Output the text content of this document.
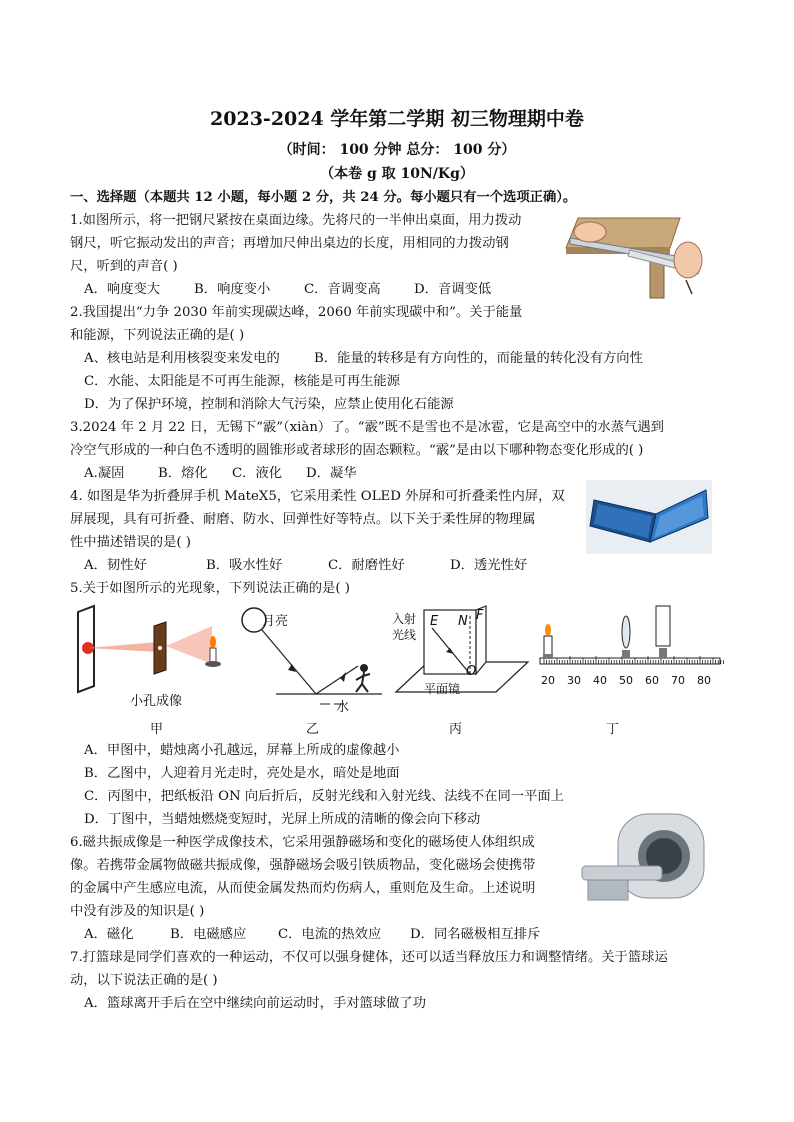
2023-2024 学年第二学期 初三物理期中卷
（时间： 100 分钟 总分： 100 分）
（本卷 g 取 10N/Kg）
一、选择题（本题共 12 小题，每小题 2 分，共 24 分。每小题只有一个选项正确）。
1.如图所示，将一把钢尺紧按在桌面边缘。先将尺的一半伸出桌面，用力拨动
钢尺，听它振动发出的声音；再增加尺伸出桌边的长度，用相同的力拨动钢
尺，听到的声音( )
A．响度变大	B．响度变小	C．音调变高	D．音调变低
2.我国提出“力争 2030 年前实现碳达峰，2060 年前实现碳中和”。关于能量
和能源，下列说法正确的是( )
A、核电站是利用核裂变来发电的	B．能量的转移是有方向性的，而能量的转化没有方向性
C．水能、太阳能是不可再生能源，核能是可再生能源
D．为了保护环境，控制和消除大气污染，应禁止使用化石能源
3.2024 年 2 月 22 日，无锡下“霰”（xiàn）了。“霰”既不是雪也不是冰雹，它是高空中的水蒸气遇到
冷空气形成的一种白色不透明的圆锥形或者球形的固态颗粒。“霰”是由以下哪种物态变化形成的( )
A.凝固	B．熔化 C．液化 D．凝华
4. 如图是华为折叠屏手机 MateX5，它采用柔性 OLED 外屏和可折叠柔性内屏，双
屏展现，具有可折叠、耐磨、防水、回弹性好等特点。以下关于柔性屏的物理属
性中描述错误的是( )
A．韧性好	B．吸水性好	C．耐磨性好	D．透光性好
5.关于如图所示的光现象，下列说法正确的是( )
小孔成像
月亮
水
入射
光线
E N F
O
平面镜
20 30 40 50 60 70 80
甲	乙	丙	丁
A．甲图中，蜡烛离小孔越远，屏幕上所成的虚像越小
B．乙图中，人迎着月光走时，亮处是水，暗处是地面
C．丙图中，把纸板沿 ON 向后折后，反射光线和入射光线、法线不在同一平面上
D．丁图中，当蜡烛燃烧变短时，光屏上所成的清晰的像会向下移动
6.磁共振成像是一种医学成像技术，它采用强静磁场和变化的磁场使人体组织成
像。若携带金属物做磁共振成像，强静磁场会吸引铁质物品，变化磁场会使携带
的金属中产生感应电流，从而使金属发热而灼伤病人，重则危及生命。上述说明
中没有涉及的知识是( )
A．磁化	B．电磁感应 C．电流的热效应 D．同名磁极相互排斥
7.打篮球是同学们喜欢的一种运动，不仅可以强身健体，还可以适当释放压力和调整情绪。关于篮球运
动，以下说法正确的是( )
A．篮球离开手后在空中继续向前运动时，手对篮球做了功
